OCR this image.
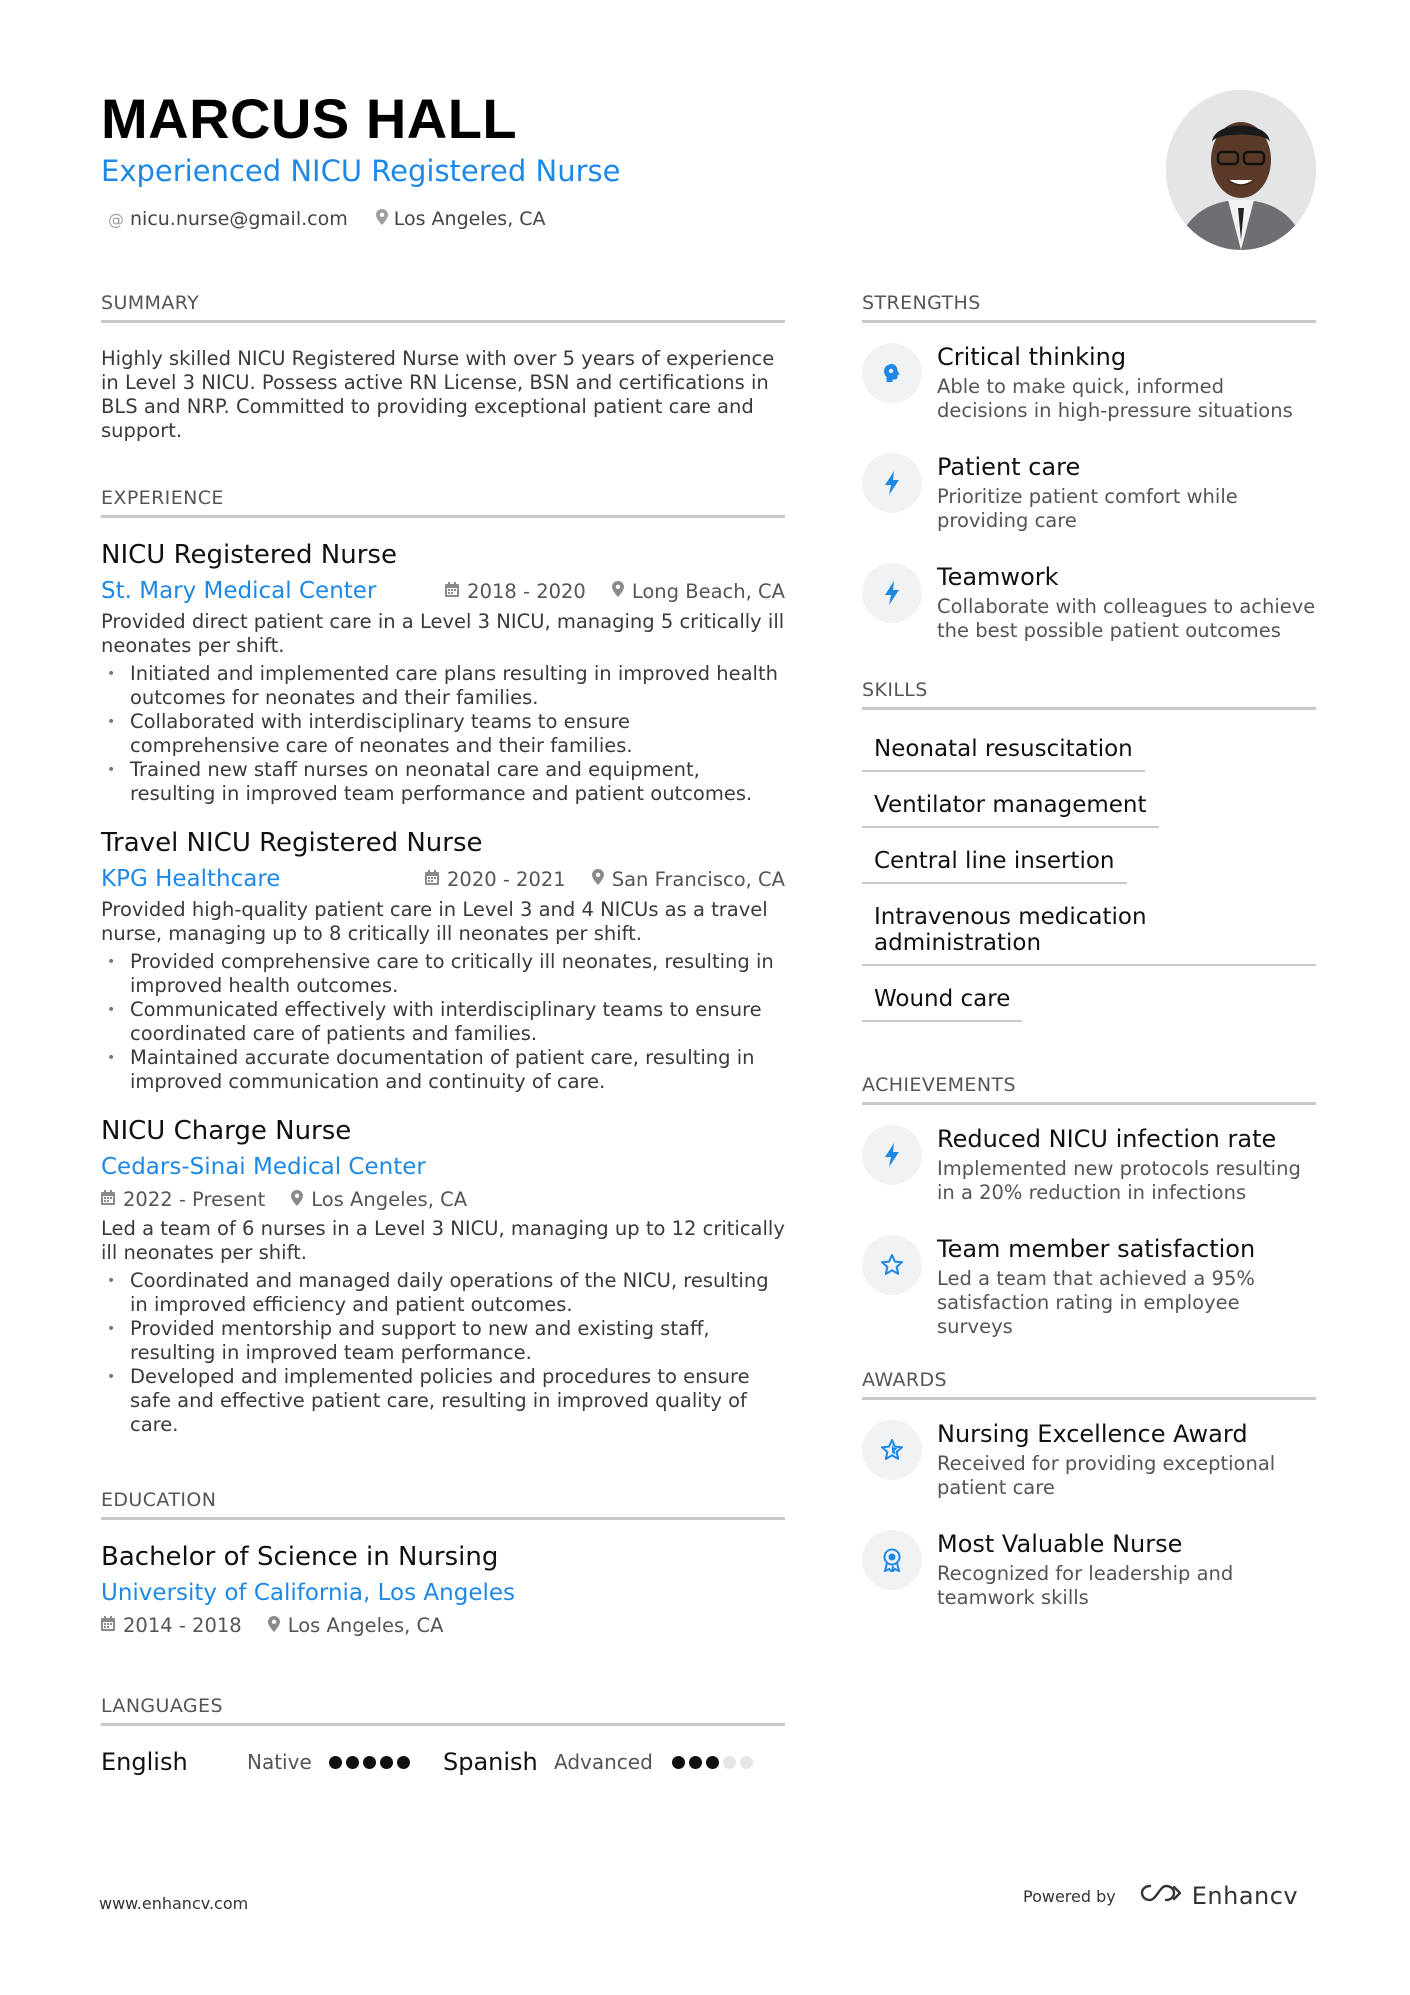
MARCUS HALL
Experienced NICU Registered Nurse
@ nicu.nurse@gmail.com Los Angeles, CA
SUMMARY
Highly skilled NICU Registered Nurse with over 5 years of experience in Level 3 NICU. Possess active RN License, BSN and certifications in BLS and NRP. Committed to providing exceptional patient care and support.
EXPERIENCE
NICU Registered Nurse
St. Mary Medical Center	2018 - 2020 Long Beach, CA
Provided direct patient care in a Level 3 NICU, managing 5 critically ill neonates per shift.
• Initiated and implemented care plans resulting in improved health outcomes for neonates and their families.
• Collaborated with interdisciplinary teams to ensure comprehensive care of neonates and their families.
• Trained new staff nurses on neonatal care and equipment, resulting in improved team performance and patient outcomes.
Travel NICU Registered Nurse
KPG Healthcare	2020 - 2021 San Francisco, CA
Provided high-quality patient care in Level 3 and 4 NICUs as a travel nurse, managing up to 8 critically ill neonates per shift.
• Provided comprehensive care to critically ill neonates, resulting in improved health outcomes.
• Communicated effectively with interdisciplinary teams to ensure coordinated care of patients and families.
• Maintained accurate documentation of patient care, resulting in improved communication and continuity of care.
NICU Charge Nurse
Cedars-Sinai Medical Center
2022 - Present Los Angeles, CA
Led a team of 6 nurses in a Level 3 NICU, managing up to 12 critically ill neonates per shift.
• Coordinated and managed daily operations of the NICU, resulting in improved efficiency and patient outcomes.
• Provided mentorship and support to new and existing staff, resulting in improved team performance.
• Developed and implemented policies and procedures to ensure safe and effective patient care, resulting in improved quality of care.
EDUCATION
Bachelor of Science in Nursing
University of California, Los Angeles
2014 - 2018 Los Angeles, CA
LANGUAGES
English	Native	Spanish Advanced
STRENGTHS
Critical thinking
Able to make quick, informed decisions in high-pressure situations
Patient care
Prioritize patient comfort while providing care
Teamwork
Collaborate with colleagues to achieve the best possible patient outcomes
SKILLS
Neonatal resuscitation
Ventilator management
Central line insertion
Intravenous medication administration
Wound care
ACHIEVEMENTS
Reduced NICU infection rate
Implemented new protocols resulting in a 20% reduction in infections
Team member satisfaction
Led a team that achieved a 95% satisfaction rating in employee surveys
AWARDS
Nursing Excellence Award
Received for providing exceptional patient care
Most Valuable Nurse
Recognized for leadership and teamwork skills
www.enhancv.com	Powered by	Enhancv
